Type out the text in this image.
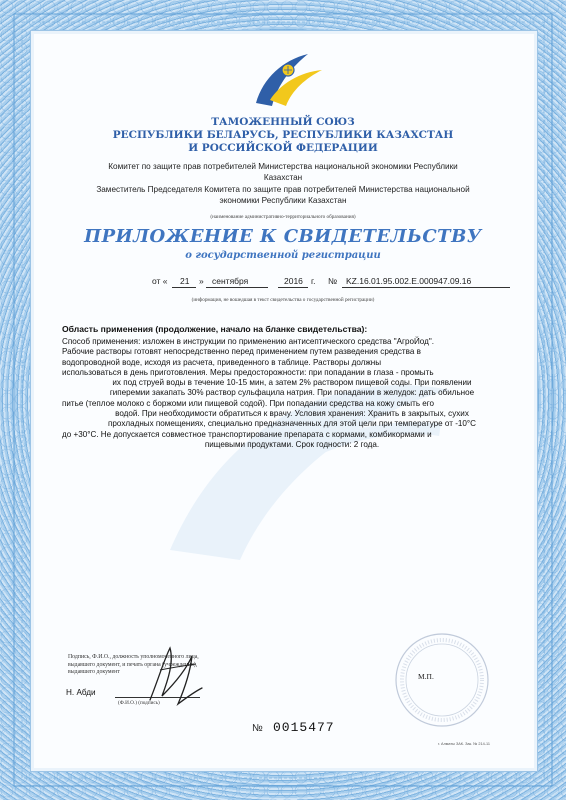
ТАМОЖЕННЫЙ СОЮЗ
РЕСПУБЛИКИ БЕЛАРУСЬ, РЕСПУБЛИКИ КАЗАХСТАН
И РОССИЙСКОЙ ФЕДЕРАЦИИ
Комитет по защите прав потребителей Министерства национальной экономики Республики
Казахстан
Заместитель Председателя Комитета по защите прав потребителей Министерства национальной
экономики Республики Казахстан
(наименование административно-территориального образования)
ПРИЛОЖЕНИЕ К СВИДЕТЕЛЬСТВУ
о государственной регистрации
от « 21 » сентября	2016 г. № KZ.16.01.95.002.E.000947.09.16
(информация, не вошедшая в текст свидетельства о государственной регистрации)
Область применения (продолжение, начало на бланке свидетельства):
Способ применения: изложен в инструкции по применению антисептического средства "АгроЙод".
Рабочие растворы готовят непосредственно перед применением путем разведения средства в
водопроводной воде, исходя из расчета, приведенного в таблице. Растворы должны
использоваться в день приготовления. Меры предосторожности: при попадании в глаза - промыть
их под струей воды в течение 10-15 мин, а затем 2% раствором пищевой соды. При появлении
гиперемии закапать 30% раствор сульфацила натрия. При попадании в желудок: дать обильное
питье (теплое молоко с боржоми или пищевой содой). При попадании средства на кожу смыть его
водой. При необходимости обратиться к врачу. Условия хранения: Хранить в закрытых, сухих
прохладных помещениях, специально предназначенных для этой цели при температуре от -10°C
до +30°C. Не допускается совместное транспортирование препарата с кормами, комбикормами и
пищевыми продуктами. Срок годности: 2 года.
Подпись, Ф.И.О., должность уполномоченного лица,
выдавшего документ, и печать органа (учреждения),
выдавшего документ
Н. Абди
(Ф.И.О.) (подпись)
М.П.
№ 0015477
г. Алматы ЗАК. Зак. № 214-11
